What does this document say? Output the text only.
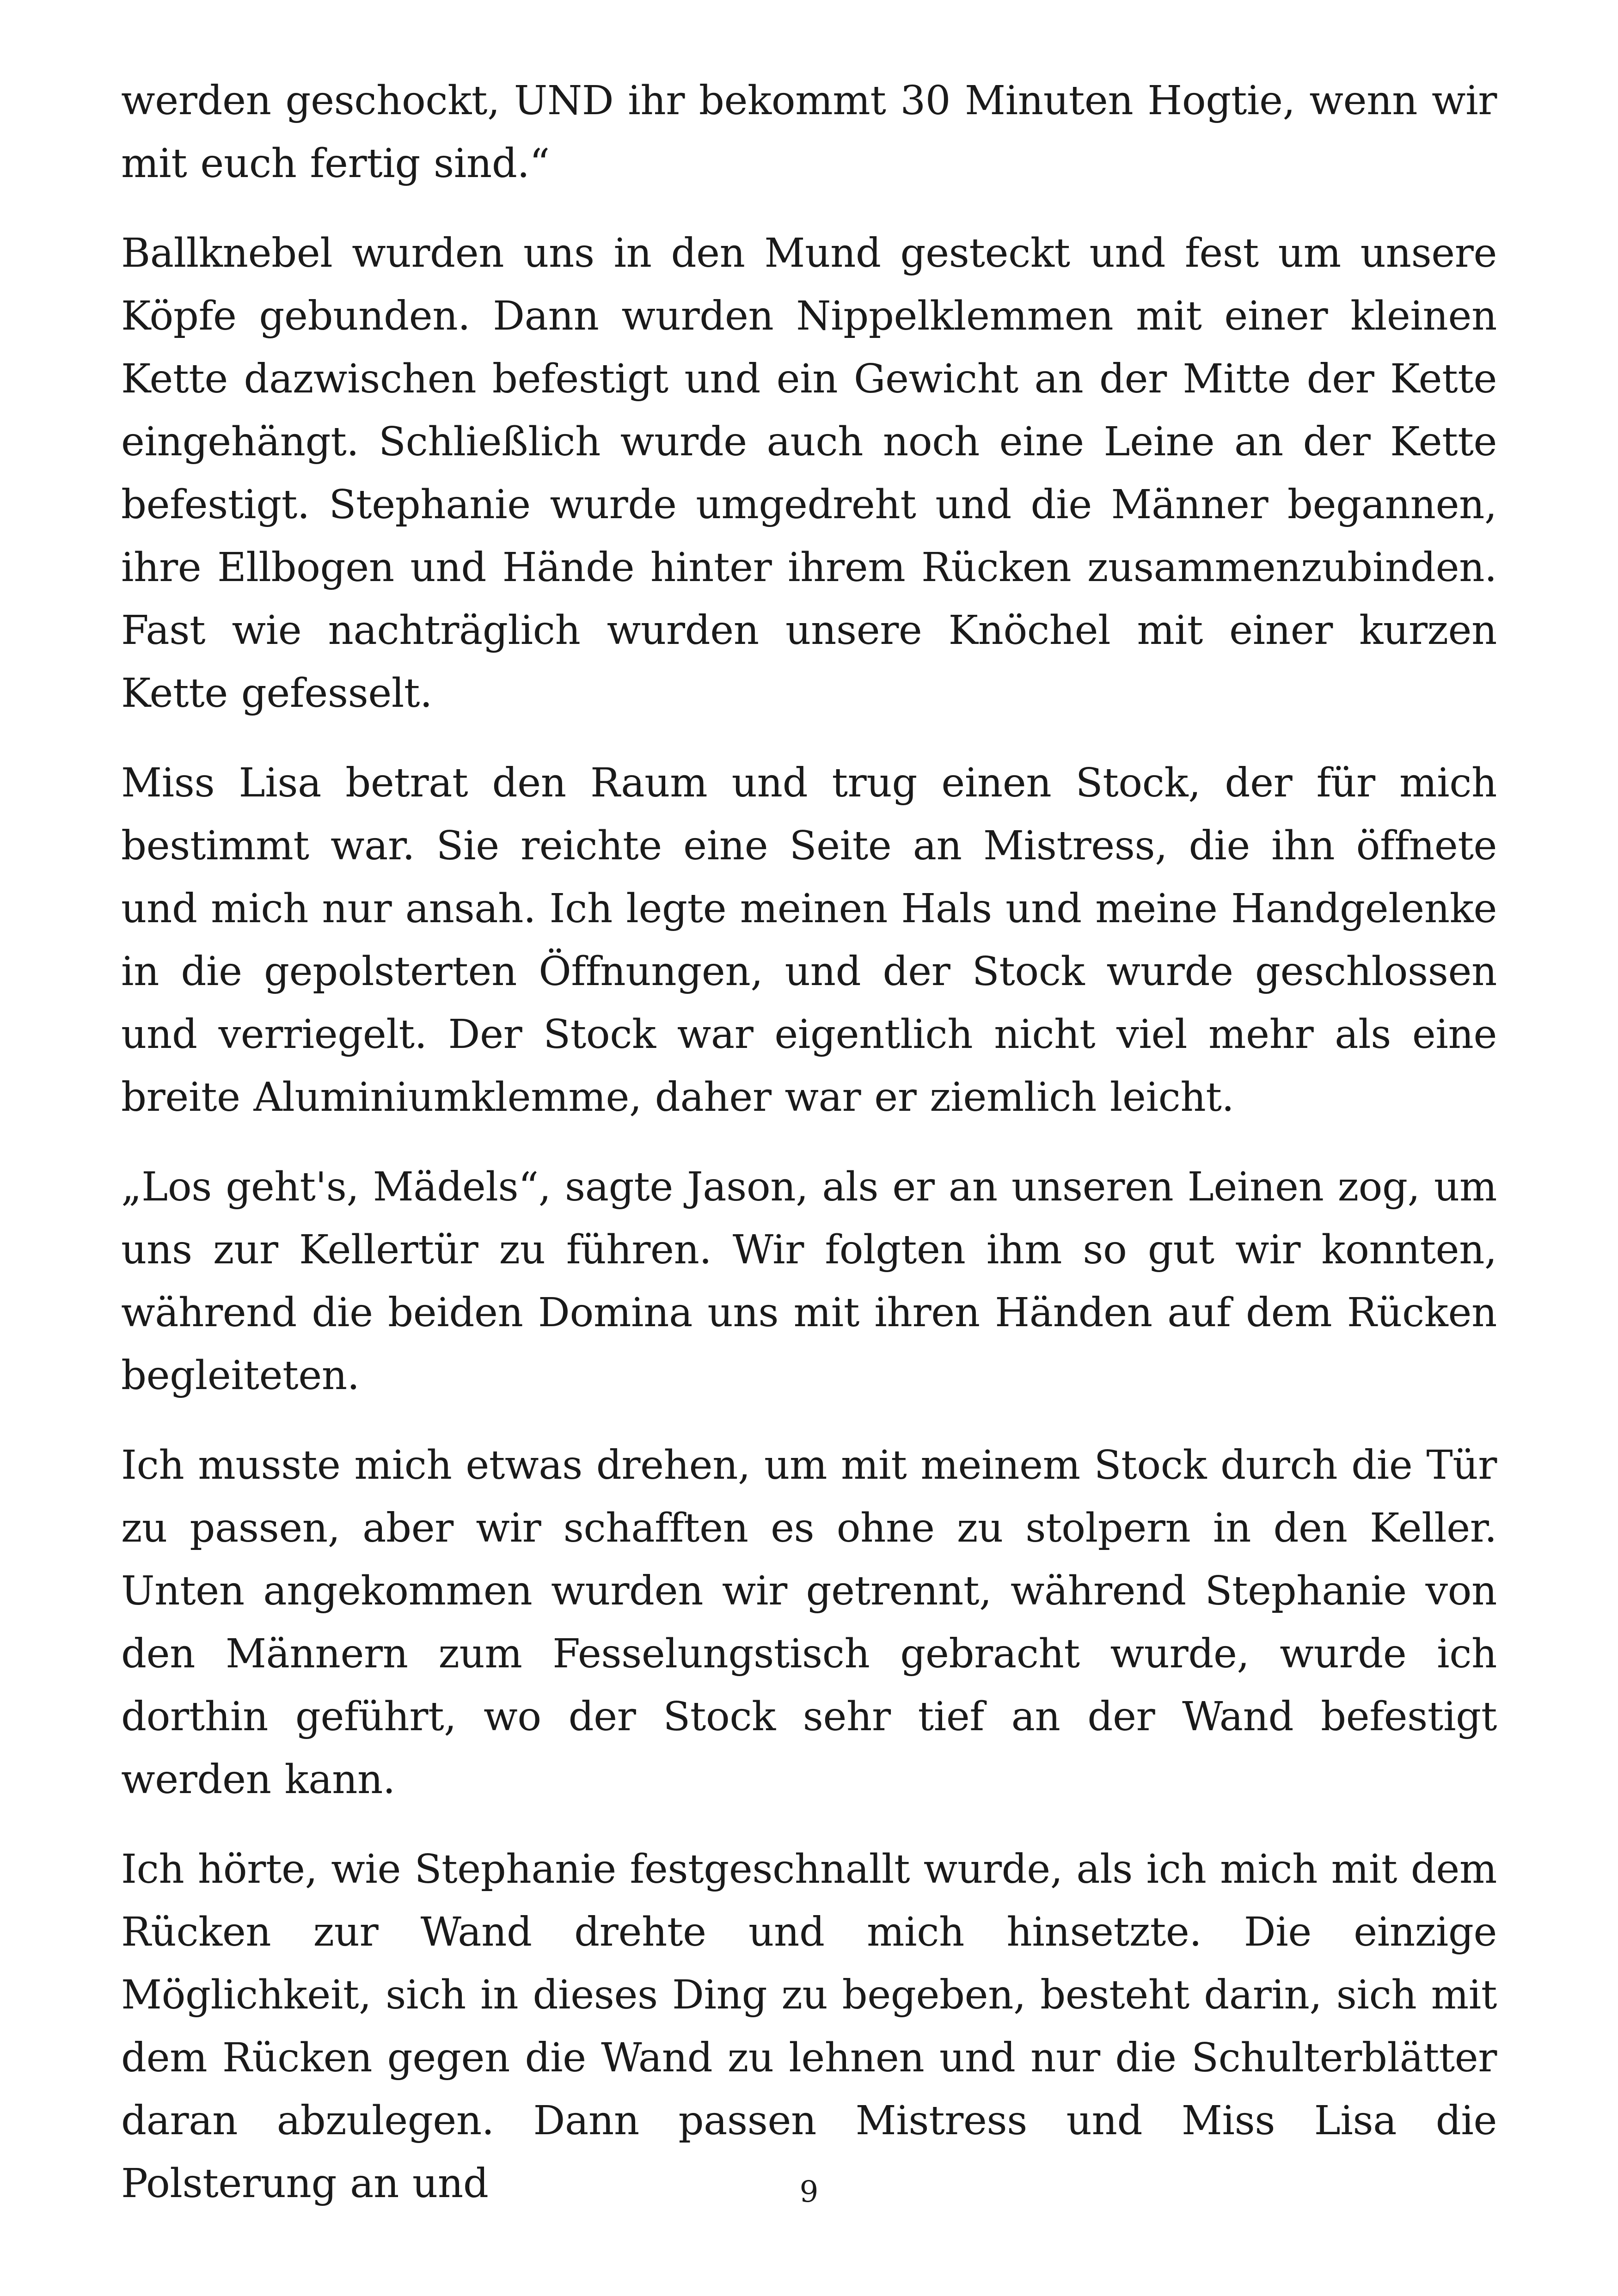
werden geschockt, UND ihr bekommt 30 Minuten Hogtie, wenn wir mit euch fertig sind.“

Ballknebel wurden uns in den Mund gesteckt und fest um unsere Köpfe gebunden. Dann wurden Nippelklemmen mit einer kleinen Kette dazwischen befestigt und ein Gewicht an der Mitte der Kette eingehängt. Schließlich wurde auch noch eine Leine an der Kette befestigt. Stephanie wurde umgedreht und die Männer begannen, ihre Ellbogen und Hände hinter ihrem Rücken zusammenzubinden. Fast wie nachträglich wurden unsere Knöchel mit einer kurzen Kette gefesselt.

Miss Lisa betrat den Raum und trug einen Stock, der für mich bestimmt war. Sie reichte eine Seite an Mistress, die ihn öffnete und mich nur ansah. Ich legte meinen Hals und meine Handgelenke in die gepolsterten Öffnungen, und der Stock wurde geschlossen und verriegelt. Der Stock war eigentlich nicht viel mehr als eine breite Aluminiumklemme, daher war er ziemlich leicht.

„Los geht's, Mädels“, sagte Jason, als er an unseren Leinen zog, um uns zur Kellertür zu führen. Wir folgten ihm so gut wir konnten, während die beiden Domina uns mit ihren Händen auf dem Rücken begleiteten.

Ich musste mich etwas drehen, um mit meinem Stock durch die Tür zu passen, aber wir schafften es ohne zu stolpern in den Keller. Unten angekommen wurden wir getrennt, während Stephanie von den Männern zum Fesselungstisch gebracht wurde, wurde ich dorthin geführt, wo der Stock sehr tief an der Wand befestigt werden kann.

Ich hörte, wie Stephanie festgeschnallt wurde, als ich mich mit dem Rücken zur Wand drehte und mich hinsetzte. Die einzige Möglichkeit, sich in dieses Ding zu begeben, besteht darin, sich mit dem Rücken gegen die Wand zu lehnen und nur die Schulterblätter daran abzulegen. Dann passen Mistress und Miss Lisa die Polsterung an und	9
